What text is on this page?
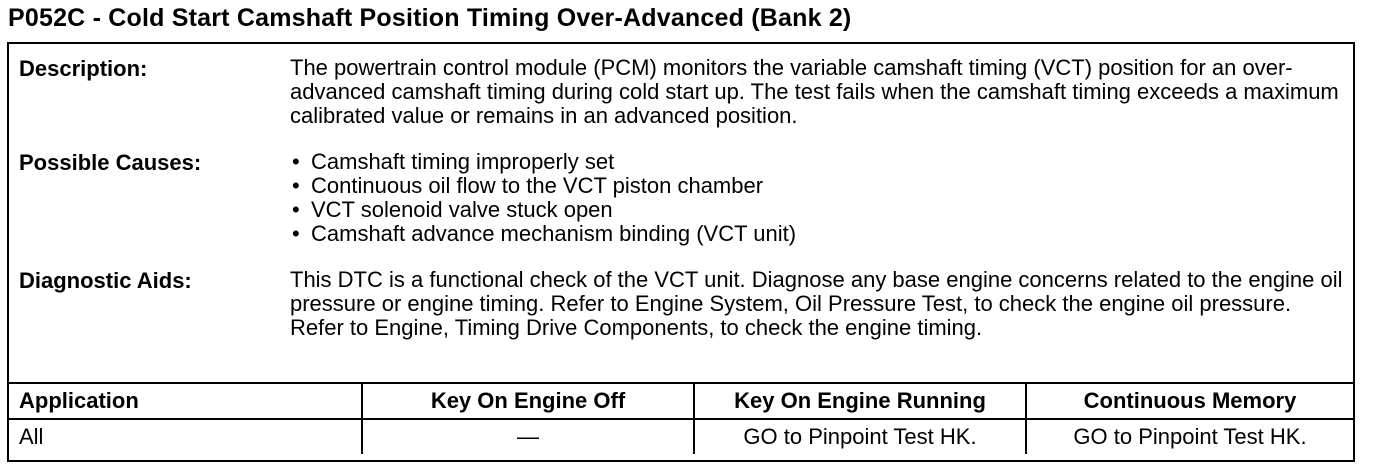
P052C - Cold Start Camshaft Position Timing Over-Advanced (Bank 2)
Description:	The powertrain control module (PCM) monitors the variable camshaft timing (VCT) position for an over-advanced camshaft timing during cold start up. The test fails when the camshaft timing exceeds a maximum calibrated value or remains in an advanced position.

Possible Causes:	• Camshaft timing improperly set
• Continuous oil flow to the VCT piston chamber
• VCT solenoid valve stuck open
• Camshaft advance mechanism binding (VCT unit)
Diagnostic Aids:	This DTC is a functional check of the VCT unit. Diagnose any base engine concerns related to the engine oil pressure or engine timing. Refer to Engine System, Oil Pressure Test, to check the engine oil pressure. Refer to Engine, Timing Drive Components, to check the engine timing.

Application	Key On Engine Off	Key On Engine Running	Continuous Memory
All	—	GO to Pinpoint Test HK.	GO to Pinpoint Test HK.
